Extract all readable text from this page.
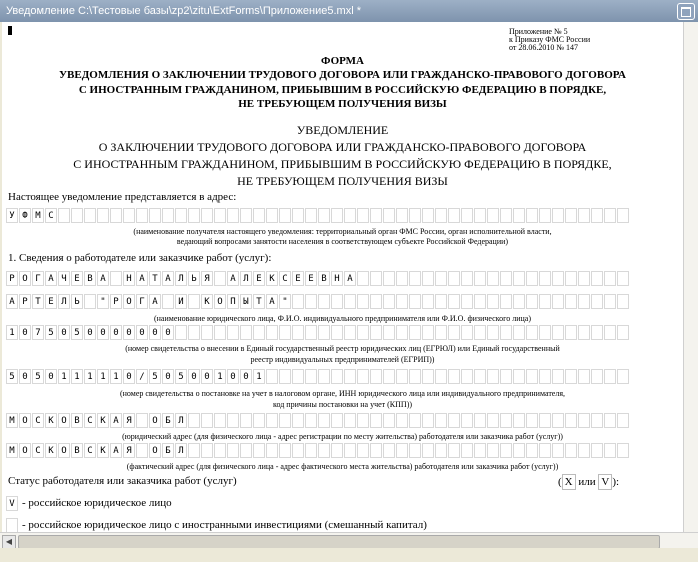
Уведомление C:\Тестовые базы\zp2\zitu\ExtForms\Приложение5.mxl *
Приложение № 5
к Приказу ФМС России
от 28.06.2010 № 147
ФОРМА
УВЕДОМЛЕНИЯ О ЗАКЛЮЧЕНИИ ТРУДОВОГО ДОГОВОРА ИЛИ ГРАЖДАНСКО-ПРАВОВОГО ДОГОВОРА
С ИНОСТРАННЫМ ГРАЖДАНИНОМ, ПРИБЫВШИМ В РОССИЙСКУЮ ФЕДЕРАЦИЮ В ПОРЯДКЕ,
НЕ ТРЕБУЮЩЕМ ПОЛУЧЕНИЯ ВИЗЫ
УВЕДОМЛЕНИЕ
О ЗАКЛЮЧЕНИИ ТРУДОВОГО ДОГОВОРА ИЛИ ГРАЖДАНСКО-ПРАВОВОГО ДОГОВОРА
С ИНОСТРАННЫМ ГРАЖДАНИНОМ, ПРИБЫВШИМ В РОССИЙСКУЮ ФЕДЕРАЦИЮ В ПОРЯДКЕ,
НЕ ТРЕБУЮЩЕМ ПОЛУЧЕНИЯ ВИЗЫ
Настоящее уведомление представляется в адрес:
У Ф М С
(наименование получателя настоящего уведомления: территориальный орган ФМС России, орган исполнительной власти,
ведающий вопросами занятости населения в соответствующем субъекте Российской Федерации)
1. Сведения о работодателе или заказчике работ (услуг):
Р О Г А Ч Е В А	Н А Т А Л Ь Я	А Л Е К С Е Е В Н А
А Р Т Е Л Ь	" Р О Г А	И	К О П Ы Т А "
(наименование юридического лица, Ф.И.О. индивидуального предпринимателя или Ф.И.О. физического лица)
1 0 7 5 0 5 0 0 0 0 0 0 0
(номер свидетельства о внесении в Единый государственный реестр юридических лиц (ЕГРЮЛ) или Единый государственный
реестр индивидуальных предпринимателей (ЕГРИП))
5 0 5 0 1 1 1 1 1 0 / 5 0 5 0 0 1 0 0 1
(номер свидетельства о постановке на учет в налоговом органе, ИНН юридического лица или индивидуального предпринимателя,
код причины постановки на учет (КПП))
М О С К О В С К А Я	О Б Л
(юридический адрес (для физического лица - адрес регистрации по месту жительства) работодателя или заказчика работ (услуг))
М О С К О В С К А Я	О Б Л
(фактический адрес (для физического лица - адрес фактического места жительства) работодателя или заказчика работ (услуг))
Статус работодателя или заказчика работ (услуг)	( X или V ):
V - российское юридическое лицо
- российское юридическое лицо с иностранными инвестициями (смешанный капитал)
◀
